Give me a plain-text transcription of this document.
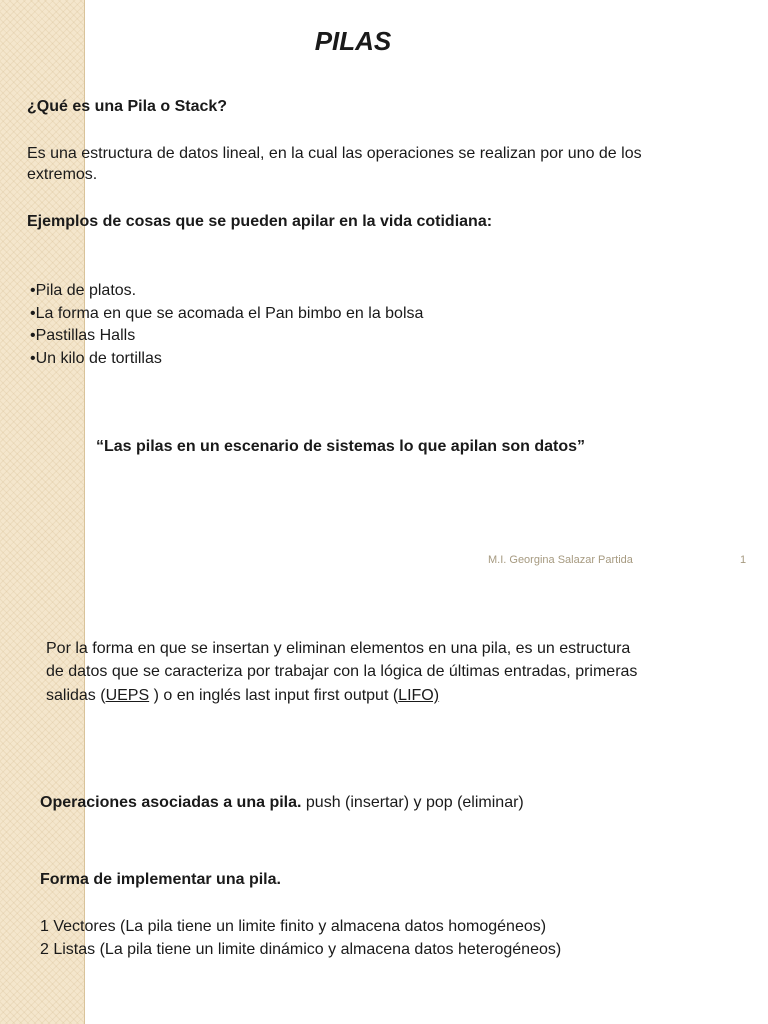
PILAS
¿Qué es una Pila o Stack?
Es una estructura de datos lineal, en la cual las operaciones se realizan por uno de los
extremos.
Ejemplos de cosas que se pueden apilar en la vida cotidiana:
•Pila de platos.
•La forma en que se acomada el Pan bimbo en la bolsa
•Pastillas Halls
•Un kilo de tortillas
“Las pilas en un escenario de sistemas lo que apilan son datos”
M.I. Georgina Salazar Partida	1
Por la forma en que se insertan y eliminan elementos en una pila, es un estructura
de datos que se caracteriza por trabajar con la lógica de últimas entradas, primeras
salidas (UEPS ) o en inglés last input first output (LIFO)
Operaciones asociadas a una pila. push (insertar) y pop (eliminar)
Forma de implementar una pila.
1 Vectores (La pila tiene un limite finito y almacena datos homogéneos)
2 Listas (La pila tiene un limite dinámico y almacena datos heterogéneos)
